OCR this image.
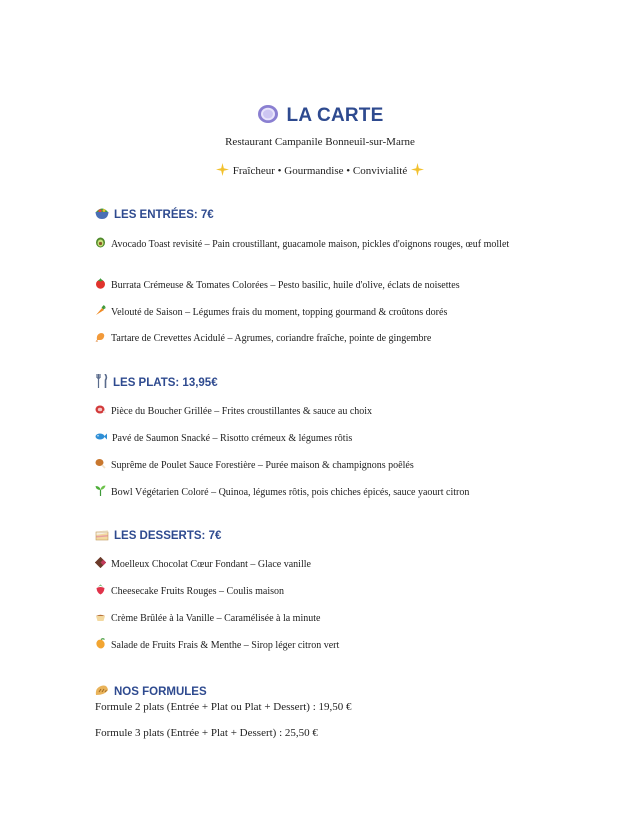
LA CARTE
Restaurant Campanile Bonneuil-sur-Marne
Fraîcheur • Gourmandise • Convivialité
LES ENTRÉES: 7€
Avocado Toast revisité – Pain croustillant, guacamole maison, pickles d'oignons rouges, œuf mollet
Burrata Crémeuse & Tomates Colorées – Pesto basilic, huile d'olive, éclats de noisettes
Velouté de Saison – Légumes frais du moment, topping gourmand & croûtons dorés
Tartare de Crevettes Acidulé – Agrumes, coriandre fraîche, pointe de gingembre
LES PLATS: 13,95€
Pièce du Boucher Grillée – Frites croustillantes & sauce au choix
Pavé de Saumon Snacké – Risotto crémeux & légumes rôtis
Suprême de Poulet Sauce Forestière – Purée maison & champignons poêlés
Bowl Végétarien Coloré – Quinoa, légumes rôtis, pois chiches épicés, sauce yaourt citron
LES DESSERTS: 7€
Moelleux Chocolat Cœur Fondant – Glace vanille
Cheesecake Fruits Rouges – Coulis maison
Crème Brûlée à la Vanille – Caramélisée à la minute
Salade de Fruits Frais & Menthe – Sirop léger citron vert
NOS FORMULES
Formule 2 plats (Entrée + Plat ou Plat + Dessert) : 19,50 €
Formule 3 plats (Entrée + Plat + Dessert) : 25,50 €
